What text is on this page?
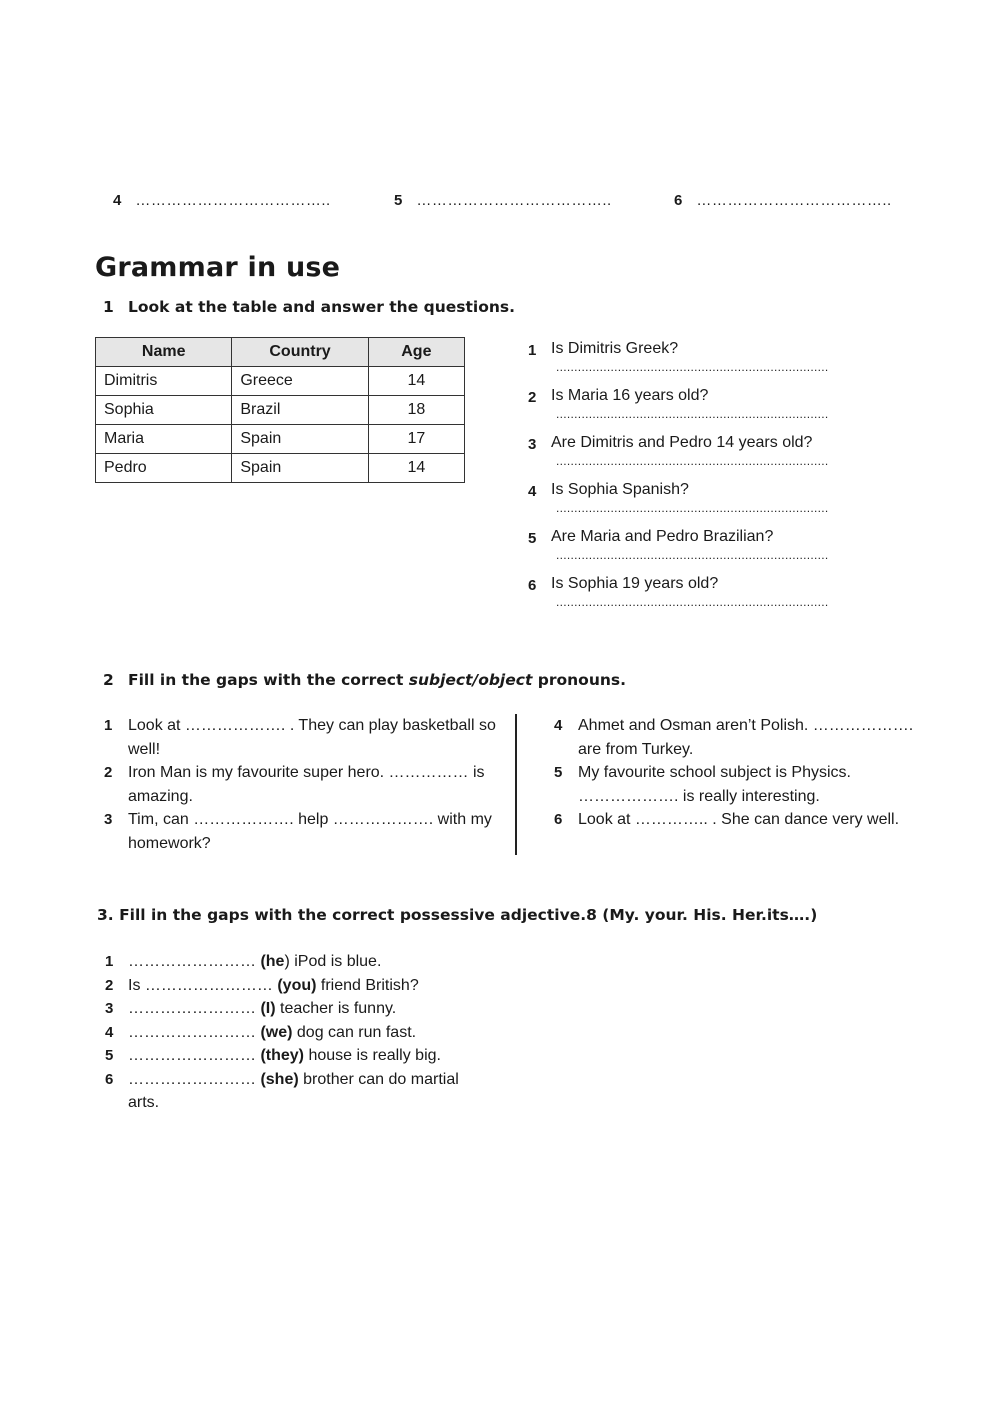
4 ………………………………..	5 ………………………………..	6 ………………………………..
Grammar in use
1 Look at the table and answer the questions.
Name	Country	Age
Dimitris	Greece	14
Sophia	Brazil	18
Maria	Spain	17
Pedro	Spain	14
1 Is Dimitris Greek?
...........................................................................
2 Is Maria 16 years old?
...........................................................................
3 Are Dimitris and Pedro 14 years old?
...........................................................................
4 Is Sophia Spanish?
...........................................................................
5 Are Maria and Pedro Brazilian?
...........................................................................
6 Is Sophia 19 years old?
...........................................................................
2 Fill in the gaps with the correct subject/object pronouns.
1 Look at ………………. . They can play basketball so well!
2 Iron Man is my favourite super hero. …………… is amazing.
3 Tim, can ………………. help ………………. with my homework?
4 Ahmet and Osman aren’t Polish. ………………. are from Turkey.
5 My favourite school subject is Physics. ………………. is really interesting.
6 Look at ………….. . She can dance very well.
3. Fill in the gaps with the correct possessive adjective.8 (My. your. His. Her.its….)
1 …………………… (he) iPod is blue.
2 Is …………………… (you) friend British?
3 …………………… (I) teacher is funny.
4 …………………… (we) dog can run fast.
5 …………………… (they) house is really big.
6 …………………… (she) brother can do martial arts.
